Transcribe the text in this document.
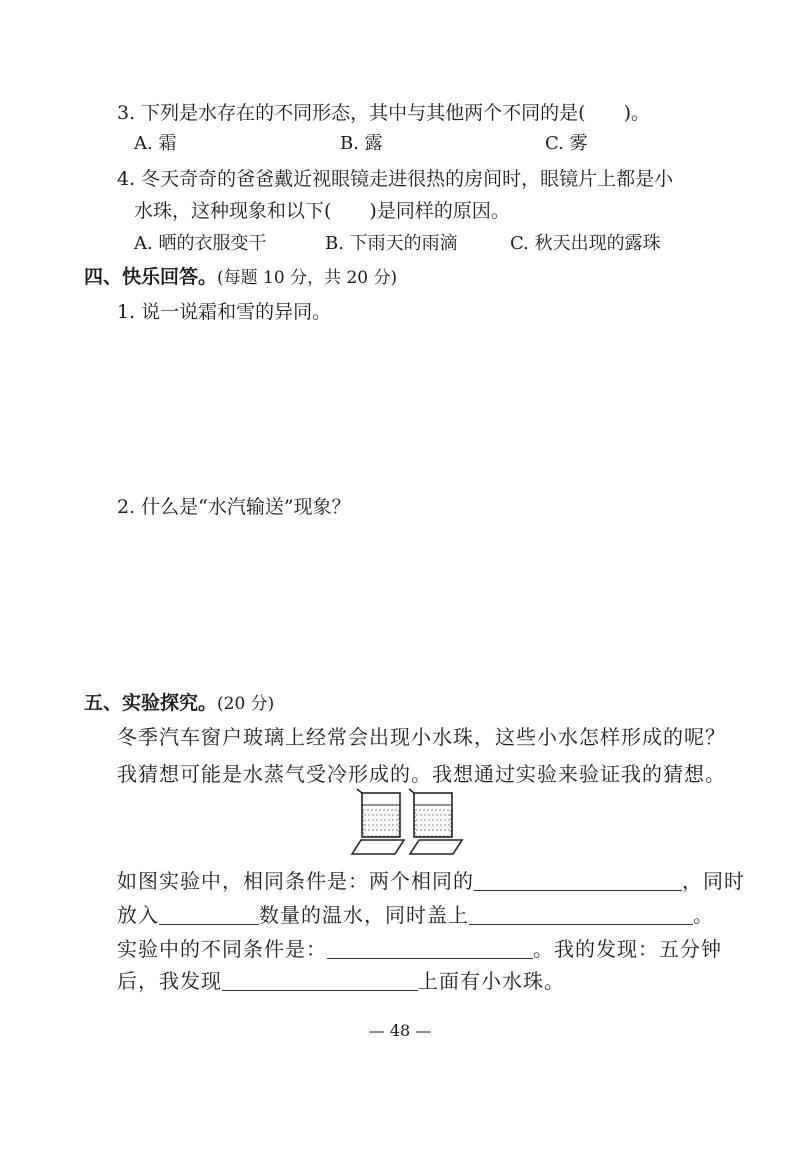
3. 下列是水存在的不同形态，其中与其他两个不同的是( )。
A. 霜	B. 露	C. 雾
4. 冬天奇奇的爸爸戴近视眼镜走进很热的房间时，眼镜片上都是小
水珠，这种现象和以下( )是同样的原因。
A. 晒的衣服变干	B. 下雨天的雨滴	C. 秋天出现的露珠
四、快乐回答。(每题 10 分，共 20 分)
1. 说一说霜和雪的异同。
2. 什么是“水汽输送”现象？
五、实验探究。(20 分)
冬季汽车窗户玻璃上经常会出现小水珠，这些小水怎样形成的呢？
我猜想可能是水蒸气受冷形成的。我想通过实验来验证我的猜想。
如图实验中，相同条件是：两个相同的	，同时
放入	数量的温水，同时盖上	。
实验中的不同条件是：	。我的发现：五分钟
后，我发现	上面有小水珠。
— 48 —
